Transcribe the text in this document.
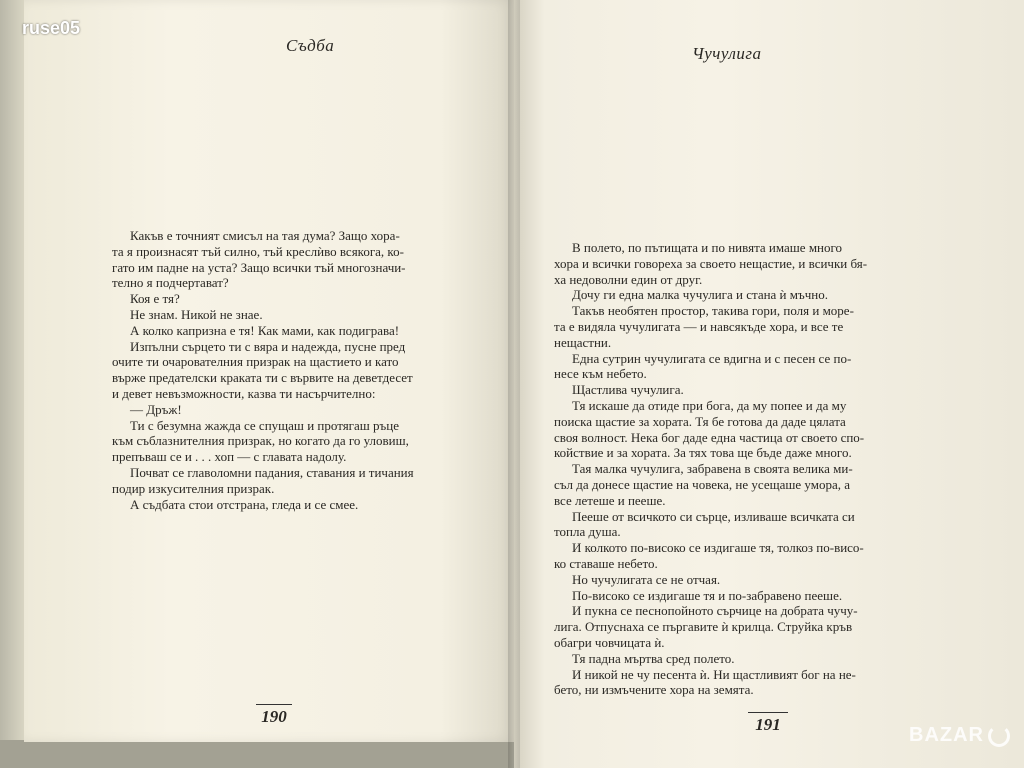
Съдба

Какъв е точният смисъл на тая дума? Защо хора-

та я произнасят тъй силно, тъй креслѝво всякога, ко-

гато им падне на уста? Защо всички тъй многозначи-

телно я подчертават?

Коя е тя?

Не знам. Никой не знае.

А колко капризна е тя! Как мами, как подиграва!

Изпълни сърцето ти с вяра и надежда, пусне пред

очите ти очарователния призрак на щастието и като

върже предателски краката ти с вървите на деветдесет

и девет невъзможности, казва ти насърчително:

— Дръж!

Ти с безумна жажда се спущаш и протягаш ръце

към съблазнителния призрак, но когато да го уловиш,

препъваш се и . . . хоп — с главата надолу.

Почват се главоломни падания, ставания и тичания

подир изкусителния призрак.

А съдбата стои отстрана, гледа и се смее.

190
Чучулига

В полето, по пътищата и по нивята имаше много

хора и всички говореха за своето нещастие, и всички бя-

ха недоволни един от друг.

Дочу ги една малка чучулига и стана ѝ мъчно.

Такъв необятен простор, такива гори, поля и море-

та е видяла чучулигата — и навсякъде хора, и все те

нещастни.

Една сутрин чучулигата се вдигна и с песен се по-

несе към небето.

Щастлива чучулига.

Тя искаше да отиде при бога, да му попее и да му

поиска щастие за хората. Тя бе готова да даде цялата

своя волност. Нека бог даде една частица от своето спо-

койствие и за хората. За тях това ще бъде даже много.

Тая малка чучулига, забравена в своята велика ми-

съл да донесе щастие на човека, не усещаше умора, а

все летеше и пееше.

Пееше от всичкото си сърце, изливаше всичката си

топла душа.

И колкото по-високо се издигаше тя, толкоз по-висо-

ко ставаше небето.

Но чучулигата се не отчая.

По-високо се издигаше тя и по-забравено пееше.

И пукна се песнопойното сърчице на добрата чучу-

лига. Отпуснаха се пъргавите ѝ крилца. Струйка кръв

обагри човчицата ѝ.

Тя падна мъртва сред полето.

И никой не чу песента ѝ. Ни щастливият бог на не-

бето, ни измъчените хора на земята.

191
ruse05
BAZAR
